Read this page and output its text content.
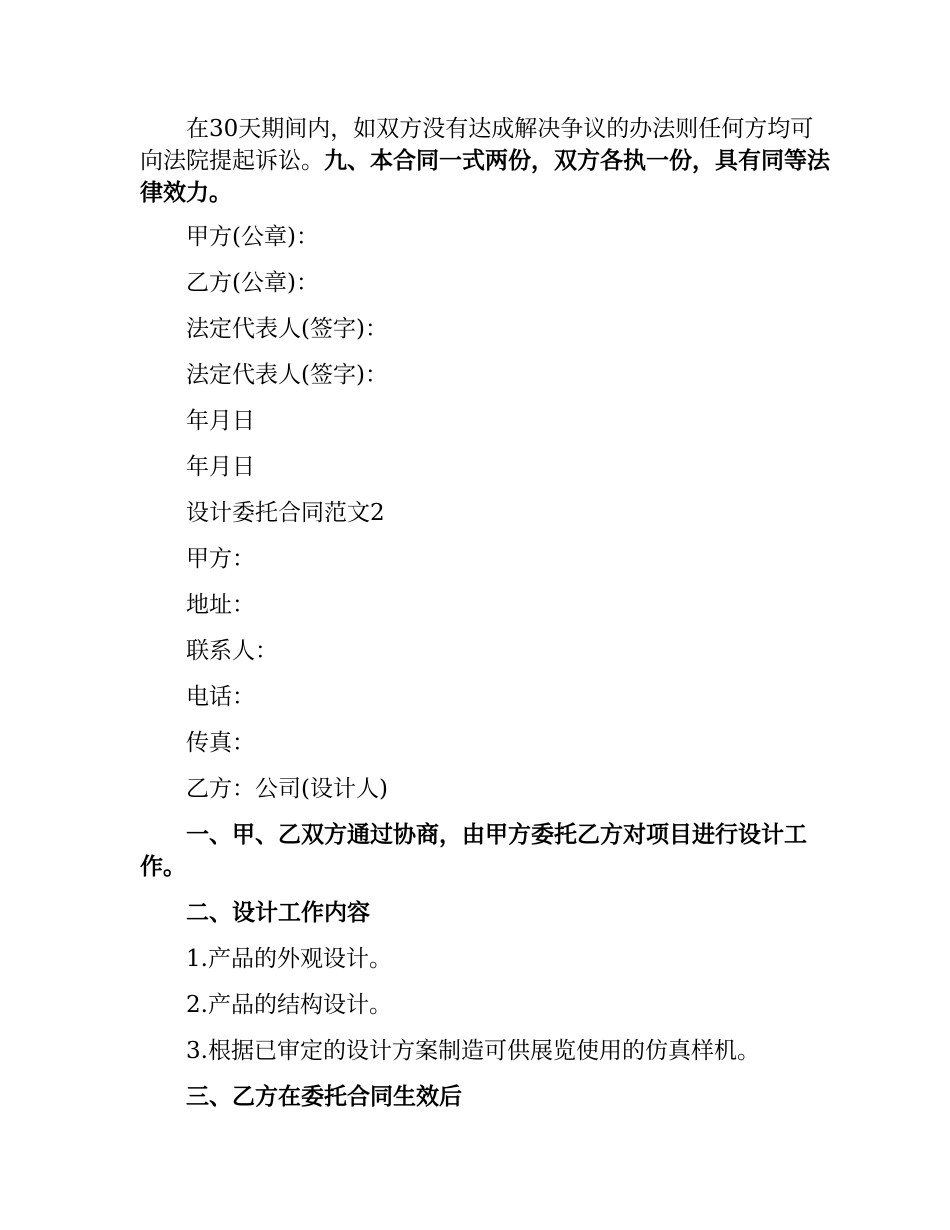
在30天期间内，如双方没有达成解决争议的办法则任何方均可向法院提起诉讼。九、本合同一式两份，双方各执一份，具有同等法律效力。

甲方(公章)：
乙方(公章)：
法定代表人(签字)：
法定代表人(签字)：
年月日
年月日
设计委托合同范文2
甲方：
地址：
联系人：
电话：
传真：
乙方：公司(设计人)

一、甲、乙双方通过协商，由甲方委托乙方对项目进行设计工作。

二、设计工作内容
1.产品的外观设计。
2.产品的结构设计。
3.根据已审定的设计方案制造可供展览使用的仿真样机。
三、乙方在委托合同生效后
